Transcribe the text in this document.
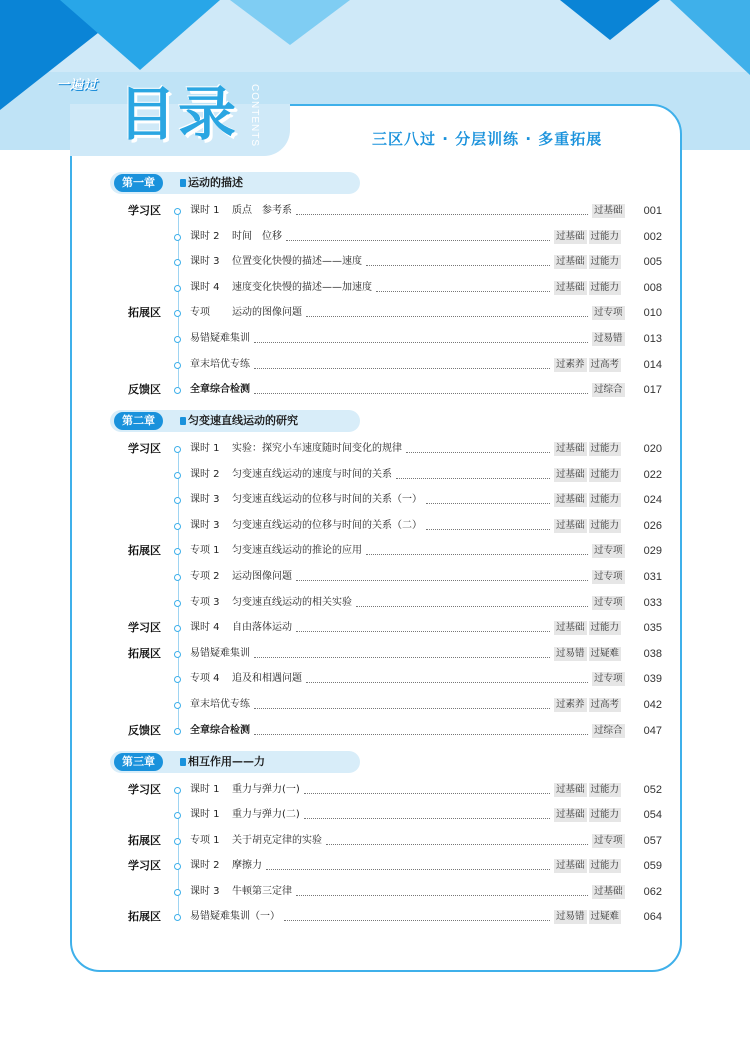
一遍过 目录	CONTENTS	三区八过 · 分层训练 · 多重拓展
第一章	运动的描述
学习区	课时 1 质点　参考系	过基础	001
课时 2 时间　位移	过基础 过能力	002
课时 3 位置变化快慢的描述——速度	过基础 过能力	005
课时 4 速度变化快慢的描述——加速度	过基础 过能力	008
拓展区	专项 运动的图像问题	过专项	010
易错疑难集训	过易错	013
章末培优专练	过素养 过高考	014
反馈区	全章综合检测	过综合	017
第二章	匀变速直线运动的研究
学习区	课时 1 实验：探究小车速度随时间变化的规律	过基础 过能力	020
课时 2 匀变速直线运动的速度与时间的关系	过基础 过能力	022
课时 3 匀变速直线运动的位移与时间的关系（一）	过基础 过能力	024
课时 3 匀变速直线运动的位移与时间的关系（二）	过基础 过能力	026
拓展区	专项 1 匀变速直线运动的推论的应用	过专项	029
专项 2 运动图像问题	过专项	031
专项 3 匀变速直线运动的相关实验	过专项	033
学习区	课时 4 自由落体运动	过基础 过能力	035
拓展区	易错疑难集训	过易错 过疑难	038
专项 4 追及和相遇问题	过专项	039
章末培优专练	过素养 过高考	042
反馈区	全章综合检测	过综合	047
第三章	相互作用——力
学习区	课时 1 重力与弹力(一)	过基础 过能力	052
课时 1 重力与弹力(二)	过基础 过能力	054
拓展区	专项 1 关于胡克定律的实验	过专项	057
学习区	课时 2 摩擦力	过基础 过能力	059
课时 3 牛顿第三定律	过基础	062
拓展区	易错疑难集训（一）	过易错 过疑难	064
